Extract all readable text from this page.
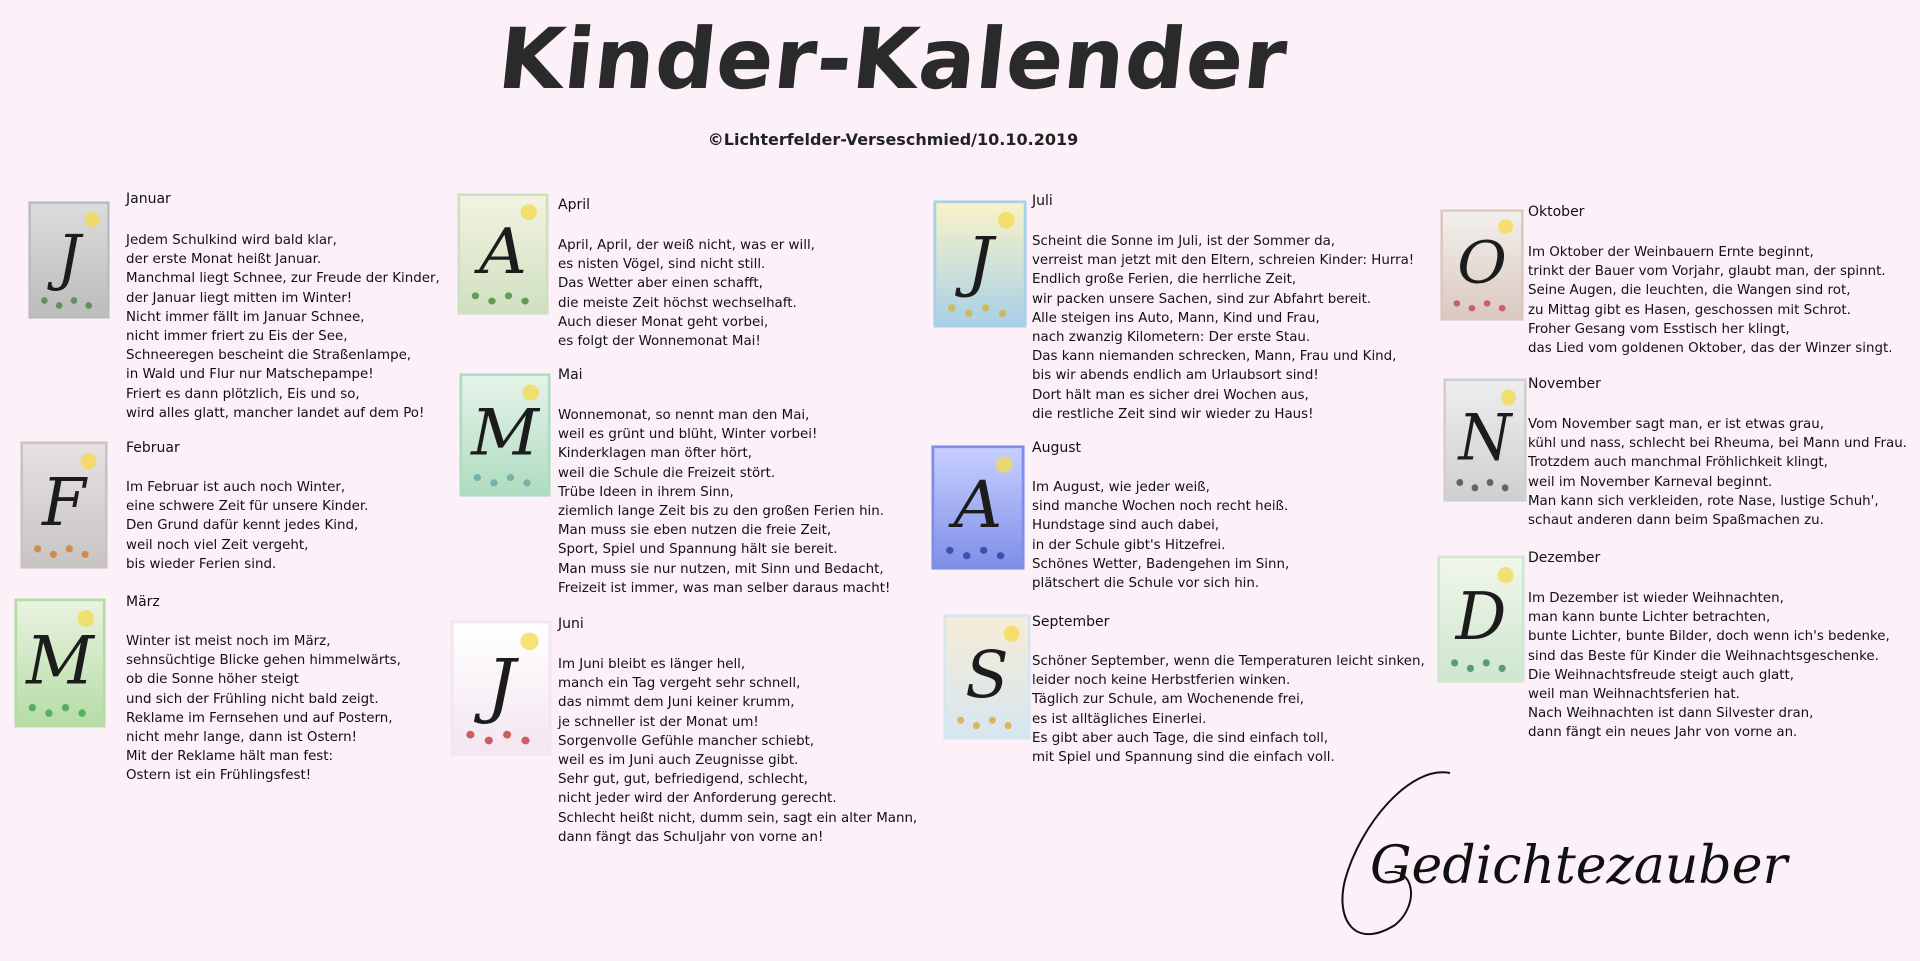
Kinder-Kalender
©Lichterfelder-Verseschmied/10.10.2019
J
Januar
Jedem Schulkind wird bald klar,
der erste Monat heißt Januar.
Manchmal liegt Schnee, zur Freude der Kinder,
der Januar liegt mitten im Winter!
Nicht immer fällt im Januar Schnee,
nicht immer friert zu Eis der See,
Schneeregen bescheint die Straßenlampe,
in Wald und Flur nur Matschepampe!
Friert es dann plötzlich, Eis und so,
wird alles glatt, mancher landet auf dem Po!
F
Februar
Im Februar ist auch noch Winter,
eine schwere Zeit für unsere Kinder.
Den Grund dafür kennt jedes Kind,
weil noch viel Zeit vergeht,
bis wieder Ferien sind.
M
März
Winter ist meist noch im März,
sehnsüchtige Blicke gehen himmelwärts,
ob die Sonne höher steigt
und sich der Frühling nicht bald zeigt.
Reklame im Fernsehen und auf Postern,
nicht mehr lange, dann ist Ostern!
Mit der Reklame hält man fest:
Ostern ist ein Frühlingsfest!
A
April
April, April, der weiß nicht, was er will,
es nisten Vögel, sind nicht still.
Das Wetter aber einen schafft,
die meiste Zeit höchst wechselhaft.
Auch dieser Monat geht vorbei,
es folgt der Wonnemonat Mai!
M
Mai
Wonnemonat, so nennt man den Mai,
weil es grünt und blüht, Winter vorbei!
Kinderklagen man öfter hört,
weil die Schule die Freizeit stört.
Trübe Ideen in ihrem Sinn,
ziemlich lange Zeit bis zu den großen Ferien hin.
Man muss sie eben nutzen die freie Zeit,
Sport, Spiel und Spannung hält sie bereit.
Man muss sie nur nutzen, mit Sinn und Bedacht,
Freizeit ist immer, was man selber daraus macht!
J
Juni
Im Juni bleibt es länger hell,
manch ein Tag vergeht sehr schnell,
das nimmt dem Juni keiner krumm,
je schneller ist der Monat um!
Sorgenvolle Gefühle mancher schiebt,
weil es im Juni auch Zeugnisse gibt.
Sehr gut, gut, befriedigend, schlecht,
nicht jeder wird der Anforderung gerecht.
Schlecht heißt nicht, dumm sein, sagt ein alter Mann,
dann fängt das Schuljahr von vorne an!
J
Juli
Scheint die Sonne im Juli, ist der Sommer da,
verreist man jetzt mit den Eltern, schreien Kinder: Hurra!
Endlich große Ferien, die herrliche Zeit,
wir packen unsere Sachen, sind zur Abfahrt bereit.
Alle steigen ins Auto, Mann, Kind und Frau,
nach zwanzig Kilometern: Der erste Stau.
Das kann niemanden schrecken, Mann, Frau und Kind,
bis wir abends endlich am Urlaubsort sind!
Dort hält man es sicher drei Wochen aus,
die restliche Zeit sind wir wieder zu Haus!
A
August
Im August, wie jeder weiß,
sind manche Wochen noch recht heiß.
Hundstage sind auch dabei,
in der Schule gibt's Hitzefrei.
Schönes Wetter, Badengehen im Sinn,
plätschert die Schule vor sich hin.
S
September
Schöner September, wenn die Temperaturen leicht sinken,
leider noch keine Herbstferien winken.
Täglich zur Schule, am Wochenende frei,
es ist alltägliches Einerlei.
Es gibt aber auch Tage, die sind einfach toll,
mit Spiel und Spannung sind die einfach voll.
O
Oktober
Im Oktober der Weinbauern Ernte beginnt,
trinkt der Bauer vom Vorjahr, glaubt man, der spinnt.
Seine Augen, die leuchten, die Wangen sind rot,
zu Mittag gibt es Hasen, geschossen mit Schrot.
Froher Gesang vom Esstisch her klingt,
das Lied vom goldenen Oktober, das der Winzer singt.
N
November
Vom November sagt man, er ist etwas grau,
kühl und nass, schlecht bei Rheuma, bei Mann und Frau.
Trotzdem auch manchmal Fröhlichkeit klingt,
weil im November Karneval beginnt.
Man kann sich verkleiden, rote Nase, lustige Schuh',
schaut anderen dann beim Spaßmachen zu.
D
Dezember
Im Dezember ist wieder Weihnachten,
man kann bunte Lichter betrachten,
bunte Lichter, bunte Bilder, doch wenn ich's bedenke,
sind das Beste für Kinder die Weihnachtsgeschenke.
Die Weihnachtsfreude steigt auch glatt,
weil man Weihnachtsferien hat.
Nach Weihnachten ist dann Silvester dran,
dann fängt ein neues Jahr von vorne an.
Gedichtezauber
